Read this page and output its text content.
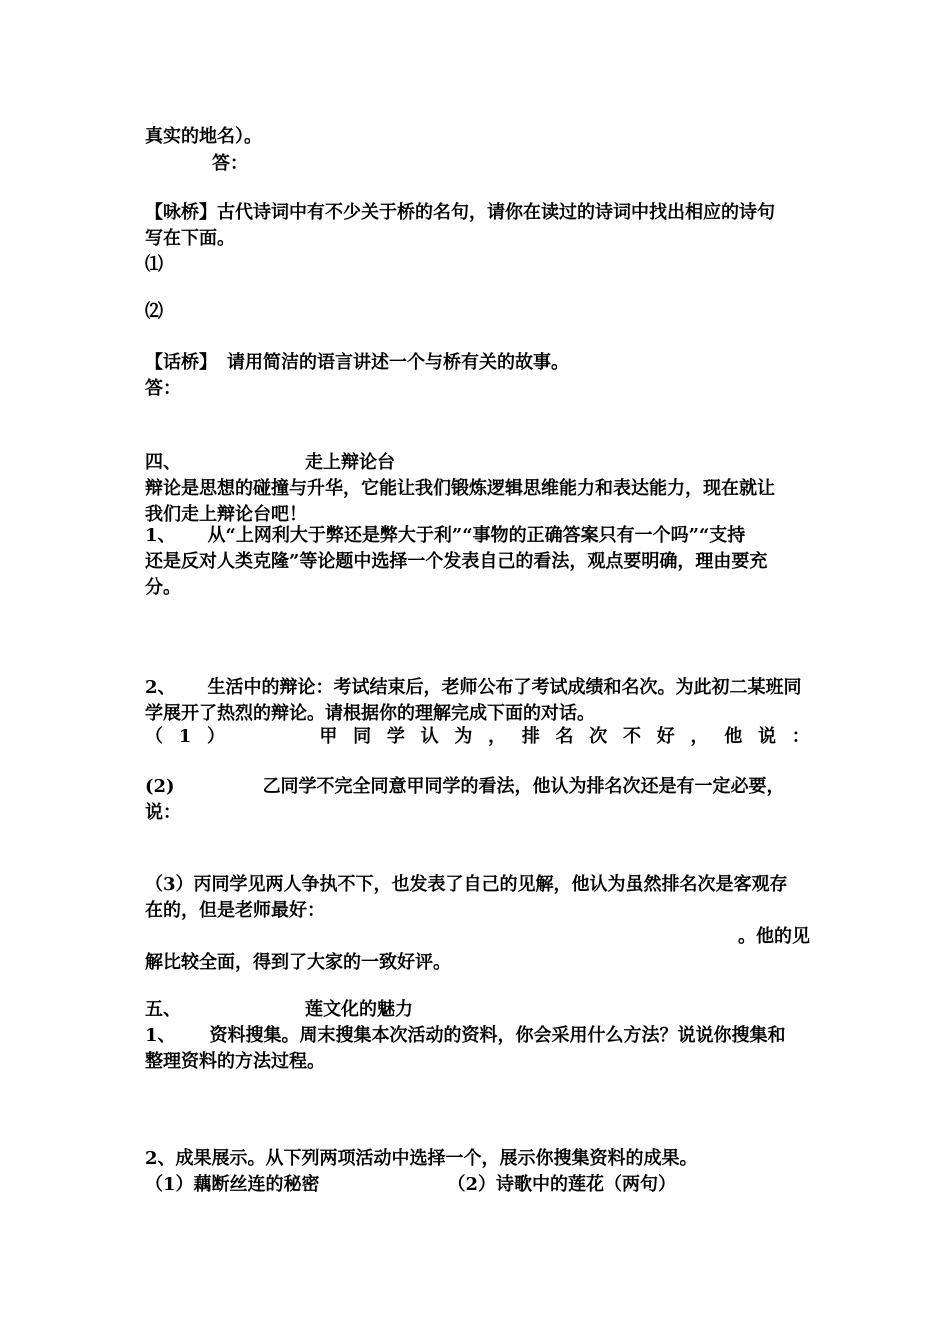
真实的地名）。
答：
【咏桥】古代诗词中有不少关于桥的名句，请你在读过的诗词中找出相应的诗句
写在下面。
⑴
⑵
【话桥】 请用简洁的语言讲述一个与桥有关的故事。
答：
四、	走上辩论台
辩论是思想的碰撞与升华，它能让我们锻炼逻辑思维能力和表达能力，现在就让
我们走上辩论台吧！
1、 从“上网利大于弊还是弊大于利”“事物的正确答案只有一个吗”“支持
还是反对人类克隆”等论题中选择一个发表自己的看法，观点要明确，理由要充
分。
2、 生活中的辩论：考试结束后，老师公布了考试成绩和名次。为此初二某班同
学展开了热烈的辩论。请根据你的理解完成下面的对话。
（ 1 ）	甲 同 学 认 为 ， 排 名 次 不 好 ， 他 说 ：
(2)	乙同学不完全同意甲同学的看法，他认为排名次还是有一定必要，
说：
（3）丙同学见两人争执不下，也发表了自己的见解，他认为虽然排名次是客观存
在的，但是老师最好：
。他的见
解比较全面，得到了大家的一致好评。
五、	莲文化的魅力
1、 资料搜集。周末搜集本次活动的资料，你会采用什么方法？说说你搜集和
整理资料的方法过程。
2、成果展示。从下列两项活动中选择一个，展示你搜集资料的成果。
（1）藕断丝连的秘密	（2）诗歌中的莲花（两句）
